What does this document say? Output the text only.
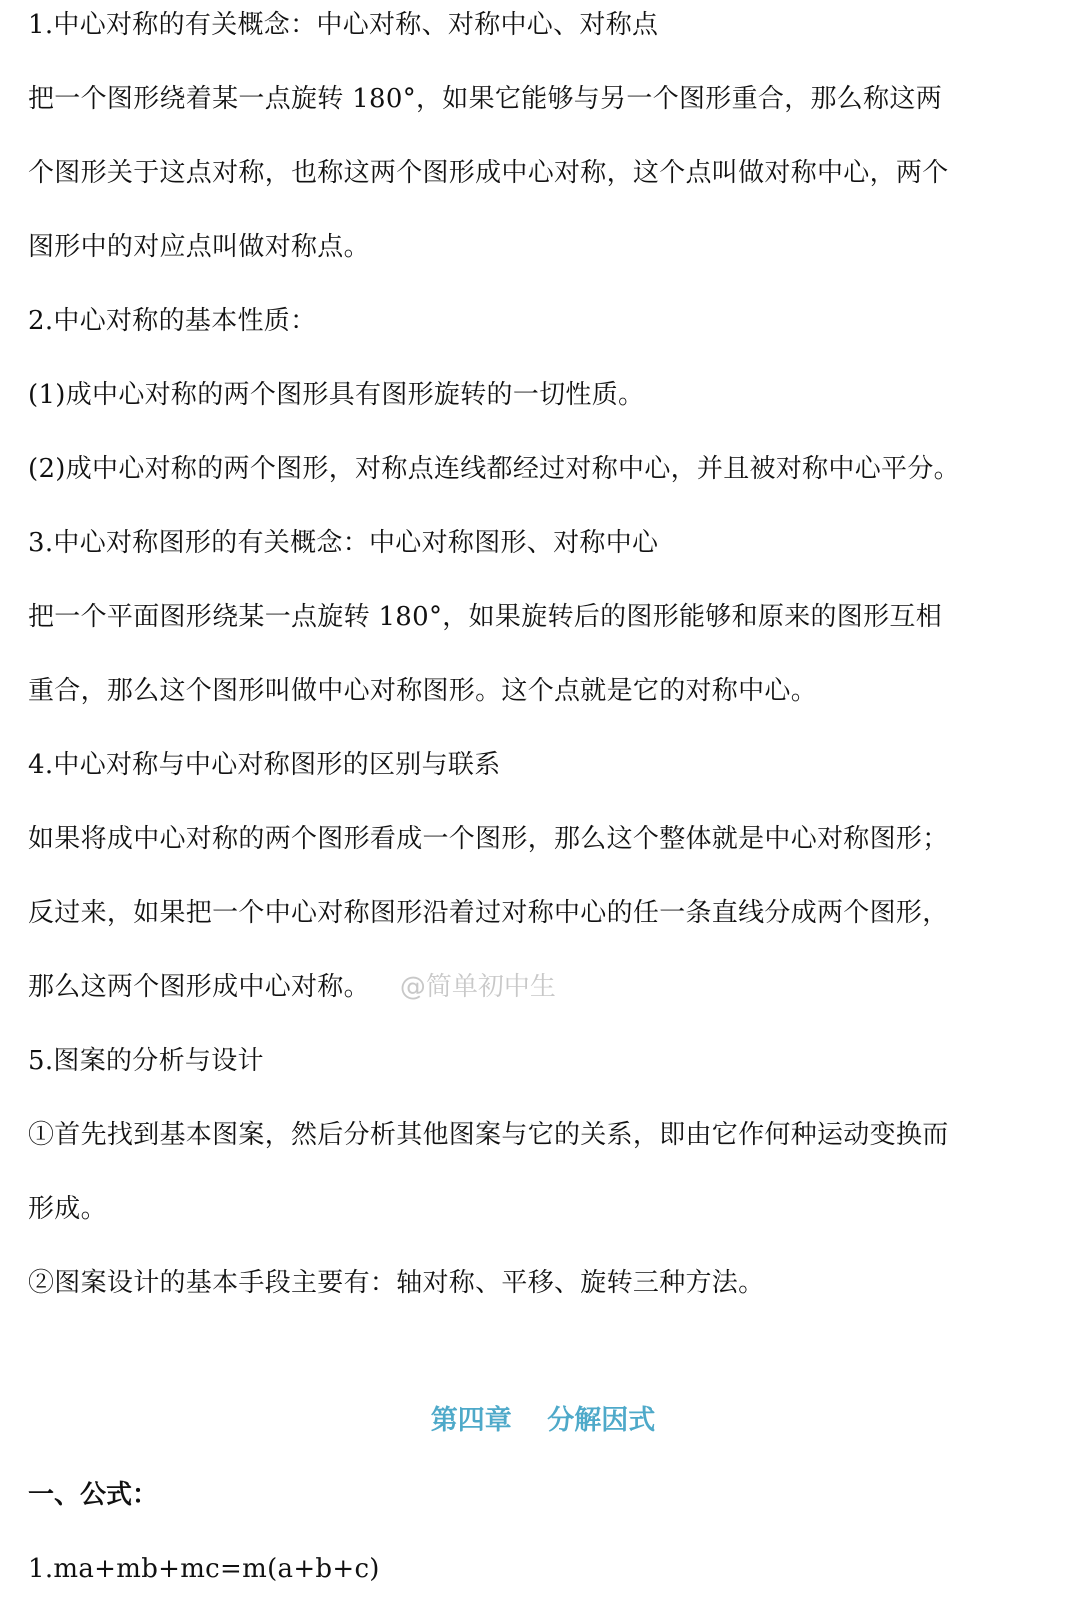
1.中心对称的有关概念：中心对称、对称中心、对称点
把一个图形绕着某一点旋转 180°，如果它能够与另一个图形重合，那么称这两
个图形关于这点对称，也称这两个图形成中心对称，这个点叫做对称中心，两个
图形中的对应点叫做对称点。
2.中心对称的基本性质：
(1)成中心对称的两个图形具有图形旋转的一切性质。
(2)成中心对称的两个图形，对称点连线都经过对称中心，并且被对称中心平分。
3.中心对称图形的有关概念：中心对称图形、对称中心
把一个平面图形绕某一点旋转 180°，如果旋转后的图形能够和原来的图形互相
重合，那么这个图形叫做中心对称图形。这个点就是它的对称中心。
4.中心对称与中心对称图形的区别与联系
如果将成中心对称的两个图形看成一个图形，那么这个整体就是中心对称图形；
反过来，如果把一个中心对称图形沿着过对称中心的任一条直线分成两个图形，
那么这两个图形成中心对称。 @简单初中生
5.图案的分析与设计
①首先找到基本图案，然后分析其他图案与它的关系，即由它作何种运动变换而
形成。
②图案设计的基本手段主要有：轴对称、平移、旋转三种方法。
第四章 分解因式
一、公式：
1.ma+mb+mc=m(a+b+c)
